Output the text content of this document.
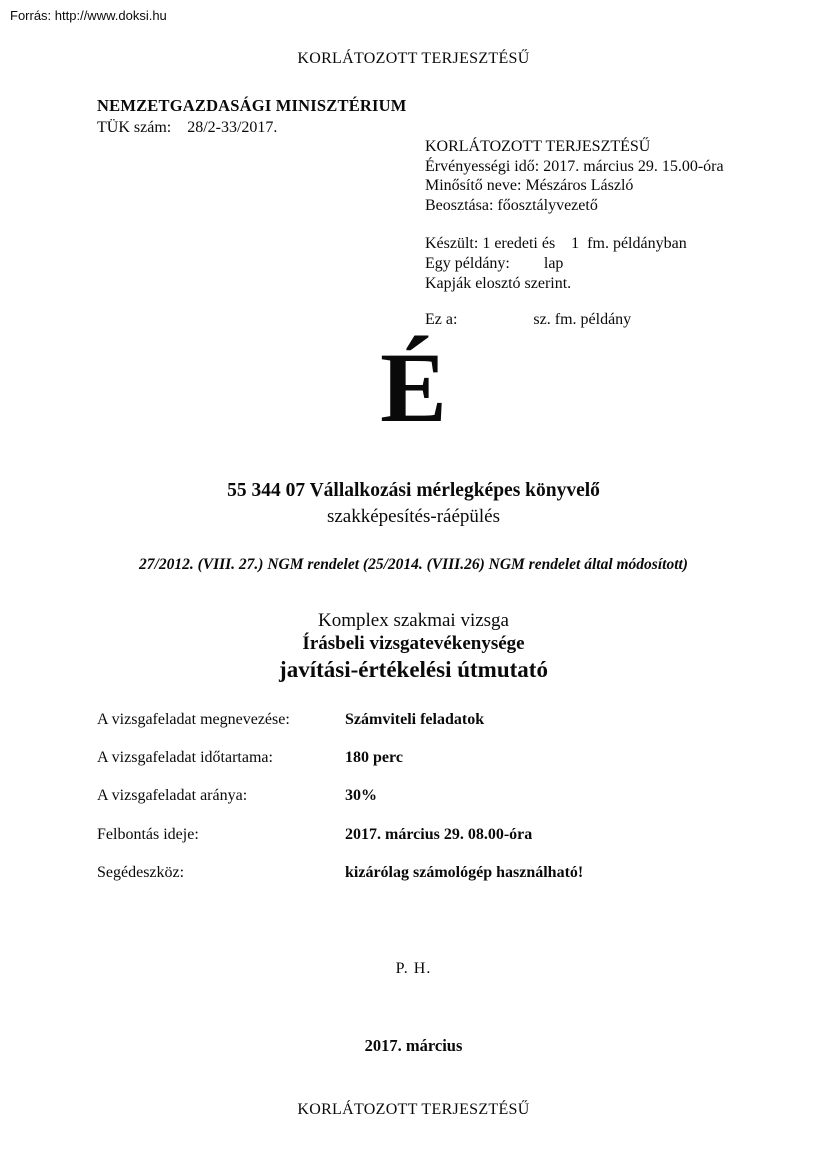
Forrás: http://www.doksi.hu
KORLÁTOZOTT TERJESZTÉSŰ
NEMZETGAZDASÁGI MINISZTÉRIUM
TÜK szám: 28/2-33/2017.
KORLÁTOZOTT TERJESZTÉSŰ
Érvényességi idő: 2017. március 29. 15.00-óra
Minősítő neve: Mészáros László
Beosztása: főosztályvezető
Készült: 1 eredeti és    1  fm. példányban
Egy példány: lap
Kapják elosztó szerint.
Ez a:	sz. fm. példány
É
55 344 07 Vállalkozási mérlegképes könyvelő
szakképesítés-ráépülés
27/2012. (VIII. 27.) NGM rendelet (25/2014. (VIII.26) NGM rendelet által módosított)
Komplex szakmai vizsga
Írásbeli vizsgatevékenysége
javítási-értékelési útmutató
A vizsgafeladat megnevezése:	Számviteli feladatok
A vizsgafeladat időtartama:	180 perc
A vizsgafeladat aránya:	30%
Felbontás ideje:	2017. március 29. 08.00-óra
Segédeszköz:	kizárólag számológép használható!
P. H.
2017. március
KORLÁTOZOTT TERJESZTÉSŰ
